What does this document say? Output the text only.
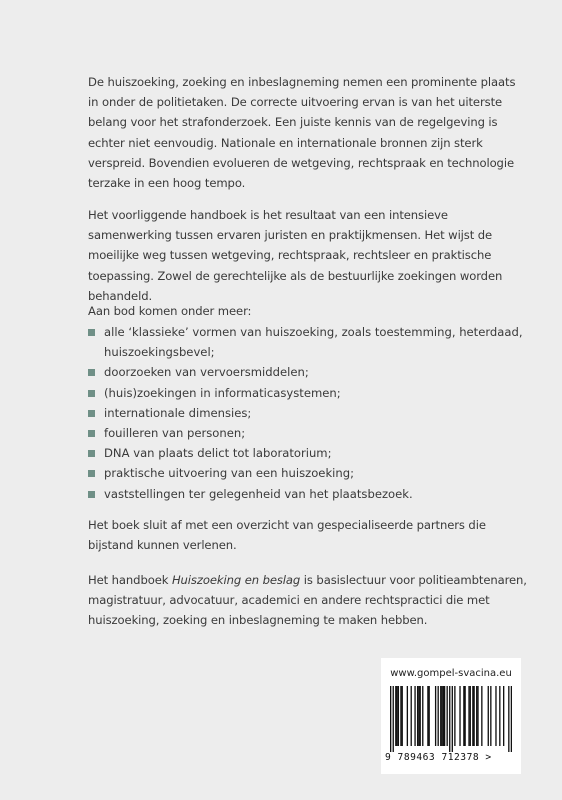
De huiszoeking, zoeking en inbeslagneming nemen een prominente plaats in onder de politietaken. De correcte uitvoering ervan is van het uiterste belang voor het strafonderzoek. Een juiste kennis van de regelgeving is echter niet eenvoudig. Nationale en internationale bronnen zijn sterk verspreid. Bovendien evolueren de wetgeving, rechtspraak en technologie terzake in een hoog tempo.
Het voorliggende handboek is het resultaat van een intensieve samenwerking tussen ervaren juristen en praktijkmensen. Het wijst de moeilijke weg tussen wetgeving, rechtspraak, rechtsleer en praktische toepassing. Zowel de gerechtelijke als de bestuurlijke zoekingen worden behandeld.
Aan bod komen onder meer:
alle ‘klassieke’ vormen van huiszoeking, zoals toestemming, heterdaad, huiszoekingsbevel;
doorzoeken van vervoersmiddelen;
(huis)zoekingen in informaticasystemen;
internationale dimensies;
fouilleren van personen;
DNA van plaats delict tot laboratorium;
praktische uitvoering van een huiszoeking;
vaststellingen ter gelegenheid van het plaatsbezoek.
Het boek sluit af met een overzicht van gespecialiseerde partners die bijstand kunnen verlenen.
Het handboek Huiszoeking en beslag is basislectuur voor politieambtenaren, magistratuur, advocatuur, academici en andere rechtspractici die met huiszoeking, zoeking en inbeslagneming te maken hebben.
www.gompel-svacina.eu
9 789463 712378 >
